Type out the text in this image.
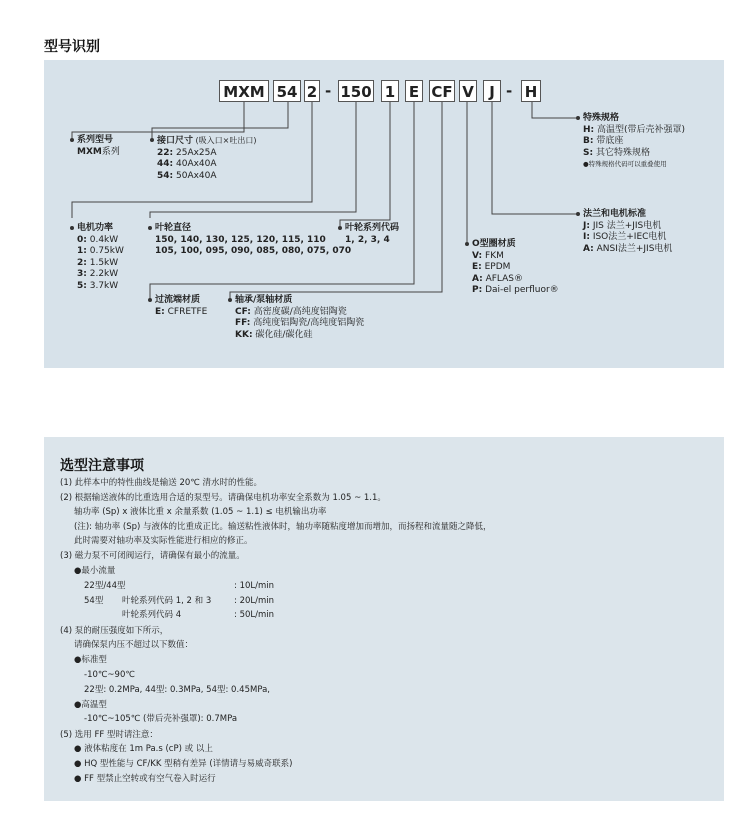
型号识别
MXM 54 2 - 150 1 E CF V	J - H
系列型号
MXM系列
接口尺寸 (吸入口×吐出口)
22: 25Ax25A
44: 40Ax40A
54: 50Ax40A
电机功率
0: 0.4kW
1: 0.75kW
2: 1.5kW
3: 2.2kW
5: 3.7kW
叶轮直径
150, 140, 130, 125, 120, 115, 110
105, 100, 095, 090, 085, 080, 075, 070
叶轮系列代码
1, 2, 3, 4
过流端材质
E: CFRETFE
轴承/泵轴材质
CF: 高密度碳/高纯度铝陶瓷
FF: 高纯度铝陶瓷/高纯度铝陶瓷
KK: 碳化硅/碳化硅
O型圈材质
V: FKM
E: EPDM
A: AFLAS®
P: Dai-el perfluor®
法兰和电机标准
J: JIS 法兰+JIS电机
I: ISO法兰+IEC电机
A: ANSI法兰+JIS电机
特殊规格
H: 高温型(带后壳补强罩)
B: 带底座
S: 其它特殊规格
●特殊规格代码可以重叠使用
选型注意事项
(1) 此样本中的特性曲线是输送 20℃ 清水时的性能。
(2) 根据输送液体的比重选用合适的泵型号。请确保电机功率安全系数为 1.05 ~ 1.1。
轴功率 (Sp) x 液体比重 x 余量系数 (1.05 ~ 1.1) ≤ 电机输出功率
(注): 轴功率 (Sp) 与液体的比重成正比。输送粘性液体时，轴功率随粘度增加而增加，而扬程和流量随之降低，
此时需要对轴功率及实际性能进行相应的修正。
(3) 磁力泵不可闭阀运行，请确保有最小的流量。
●最小流量
22型/44型	: 10L/min
54型 叶轮系列代码 1, 2 和 3	: 20L/min
叶轮系列代码 4	: 50L/min
(4) 泵的耐压强度如下所示，
请确保泵内压不超过以下数值：
●标准型
-10℃~90℃
22型: 0.2MPa, 44型: 0.3MPa, 54型: 0.45MPa,
●高温型
-10℃~105℃ (带后壳补强罩): 0.7MPa
(5) 选用 FF 型时请注意：
● 液体粘度在 1m Pa.s (cP) 或 以上
● HQ 型性能与 CF/KK 型稍有差异 (详情请与易威奇联系)
● FF 型禁止空转或有空气卷入时运行
